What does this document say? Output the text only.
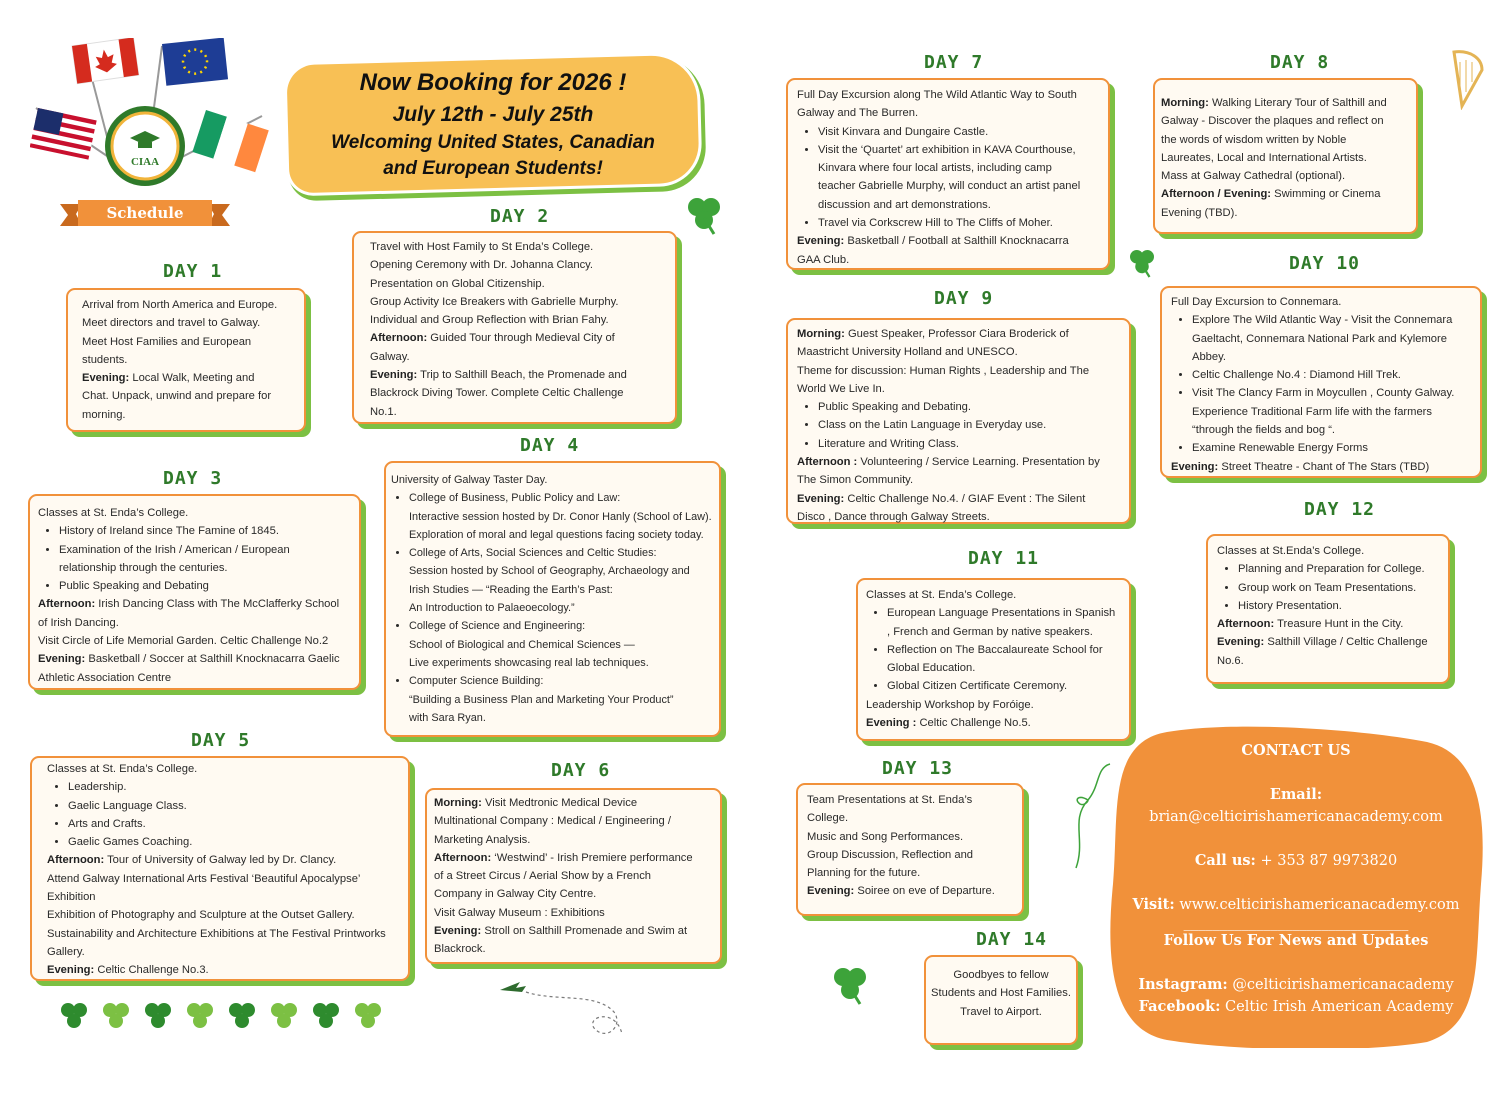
CIAA
Schedule
Now Booking for 2026 !
July 12th - July 25th
Welcoming United States, Canadian
and European Students!
DAY 1

Arrival from North America and Europe.

Meet directors and travel to Galway.

Meet Host Families and European

students.

Evening: Local Walk, Meeting and

Chat. Unpack, unwind and prepare for

morning.

DAY 2

Travel with Host Family to St Enda’s College.

Opening Ceremony with Dr. Johanna Clancy.

Presentation on Global Citizenship.

Group Activity Ice Breakers with Gabrielle Murphy.

Individual and Group Reflection with Brian Fahy.

Afternoon: Guided Tour through Medieval City of

Galway.

Evening: Trip to Salthill Beach, the Promenade and

Blackrock Diving Tower. Complete Celtic Challenge

No.1.

DAY 3

Classes at St. Enda’s College.

• History of Ireland since The Famine of 1845.
• Examination of the Irish / American / European
relationship through the centuries.
• Public Speaking and Debating

Afternoon: Irish Dancing Class with The McClafferky School

of Irish Dancing.

Visit Circle of Life Memorial Garden. Celtic Challenge No.2

Evening: Basketball / Soccer at Salthill Knocknacarra Gaelic

Athletic Association Centre

DAY 4

University of Galway Taster Day.

• College of Business, Public Policy and Law:
Interactive session hosted by Dr. Conor Hanly (School of Law).
Exploration of moral and legal questions facing society today.
• College of Arts, Social Sciences and Celtic Studies:
Session hosted by School of Geography, Archaeology and
Irish Studies — “Reading the Earth’s Past:
An Introduction to Palaeoecology.”
• College of Science and Engineering:
School of Biological and Chemical Sciences —
Live experiments showcasing real lab techniques.
• Computer Science Building:
“Building a Business Plan and Marketing Your Product”
with Sara Ryan.
DAY 5

Classes at St. Enda’s College.

• Leadership.
• Gaelic Language Class.
• Arts and Crafts.
• Gaelic Games Coaching.

Afternoon: Tour of University of Galway led by Dr. Clancy.

Attend Galway International Arts Festival ‘Beautiful Apocalypse’

Exhibition

Exhibition of Photography and Sculpture at the Outset Gallery.

Sustainability and Architecture Exhibitions at The Festival Printworks

Gallery.

Evening: Celtic Challenge No.3.

DAY 6

Morning: Visit Medtronic Medical Device

Multinational Company : Medical / Engineering /

Marketing Analysis.

Afternoon: ‘Westwind’ - Irish Premiere performance

of a Street Circus / Aerial Show by a French

Company in Galway City Centre.

Visit Galway Museum : Exhibitions

Evening: Stroll on Salthill Promenade and Swim at

Blackrock.

DAY 7

Full Day Excursion along The Wild Atlantic Way to South

Galway and The Burren.

• Visit Kinvara and Dungaire Castle.
• Visit the ‘Quartet’ art exhibition in KAVA Courthouse,
Kinvara where four local artists, including camp
teacher Gabrielle Murphy, will conduct an artist panel
discussion and art demonstrations.
• Travel via Corkscrew Hill to The Cliffs of Moher.

Evening: Basketball / Football at Salthill Knocknacarra

GAA Club.

DAY 8

Morning: Walking Literary Tour of Salthill and

Galway - Discover the plaques and reflect on

the words of wisdom written by Noble

Laureates, Local and International Artists.

Mass at Galway Cathedral (optional).

Afternoon / Evening: Swimming or Cinema

Evening (TBD).

DAY 9

Morning: Guest Speaker, Professor Ciara Broderick of

Maastricht University Holland and UNESCO.

Theme for discussion: Human Rights , Leadership and The

World We Live In.

• Public Speaking and Debating.
• Class on the Latin Language in Everyday use.
• Literature and Writing Class.

Afternoon : Volunteering / Service Learning. Presentation by

The Simon Community.

Evening: Celtic Challenge No.4. / GIAF Event : The Silent

Disco , Dance through Galway Streets.

DAY 10

Full Day Excursion to Connemara.

• Explore The Wild Atlantic Way - Visit the Connemara
Gaeltacht, Connemara National Park and Kylemore
Abbey.
• Celtic Challenge No.4 : Diamond Hill Trek.
• Visit The Clancy Farm in Moycullen , County Galway.
Experience Traditional Farm life with the farmers
“through the fields and bog “.
• Examine Renewable Energy Forms

Evening: Street Theatre - Chant of The Stars (TBD)

DAY 11

Classes at St. Enda’s College.

• European Language Presentations in Spanish
, French and German by native speakers.
• Reflection on The Baccalaureate School for
Global Education.
• Global Citizen Certificate Ceremony.

Leadership Workshop by Foróige.

Evening : Celtic Challenge No.5.

DAY 12

Classes at St.Enda’s College.

• Planning and Preparation for College.
• Group work on Team Presentations.
• History Presentation.

Afternoon: Treasure Hunt in the City.

Evening: Salthill Village / Celtic Challenge

No.6.

DAY 13

Team Presentations at St. Enda’s

College.

Music and Song Performances.

Group Discussion, Reflection and

Planning for the future.

Evening: Soiree on eve of Departure.

DAY 14

Goodbyes to fellow

Students and Host Families.

Travel to Airport.

CONTACT US
Email:
brian@celticirishamericanacademy.com
Call us: + 353 87 9973820
Visit: www.celticirishamericanacademy.com
_______________________________
Follow Us For News and Updates
Instagram: @celticirishamericanacademy
Facebook: Celtic Irish American Academy
